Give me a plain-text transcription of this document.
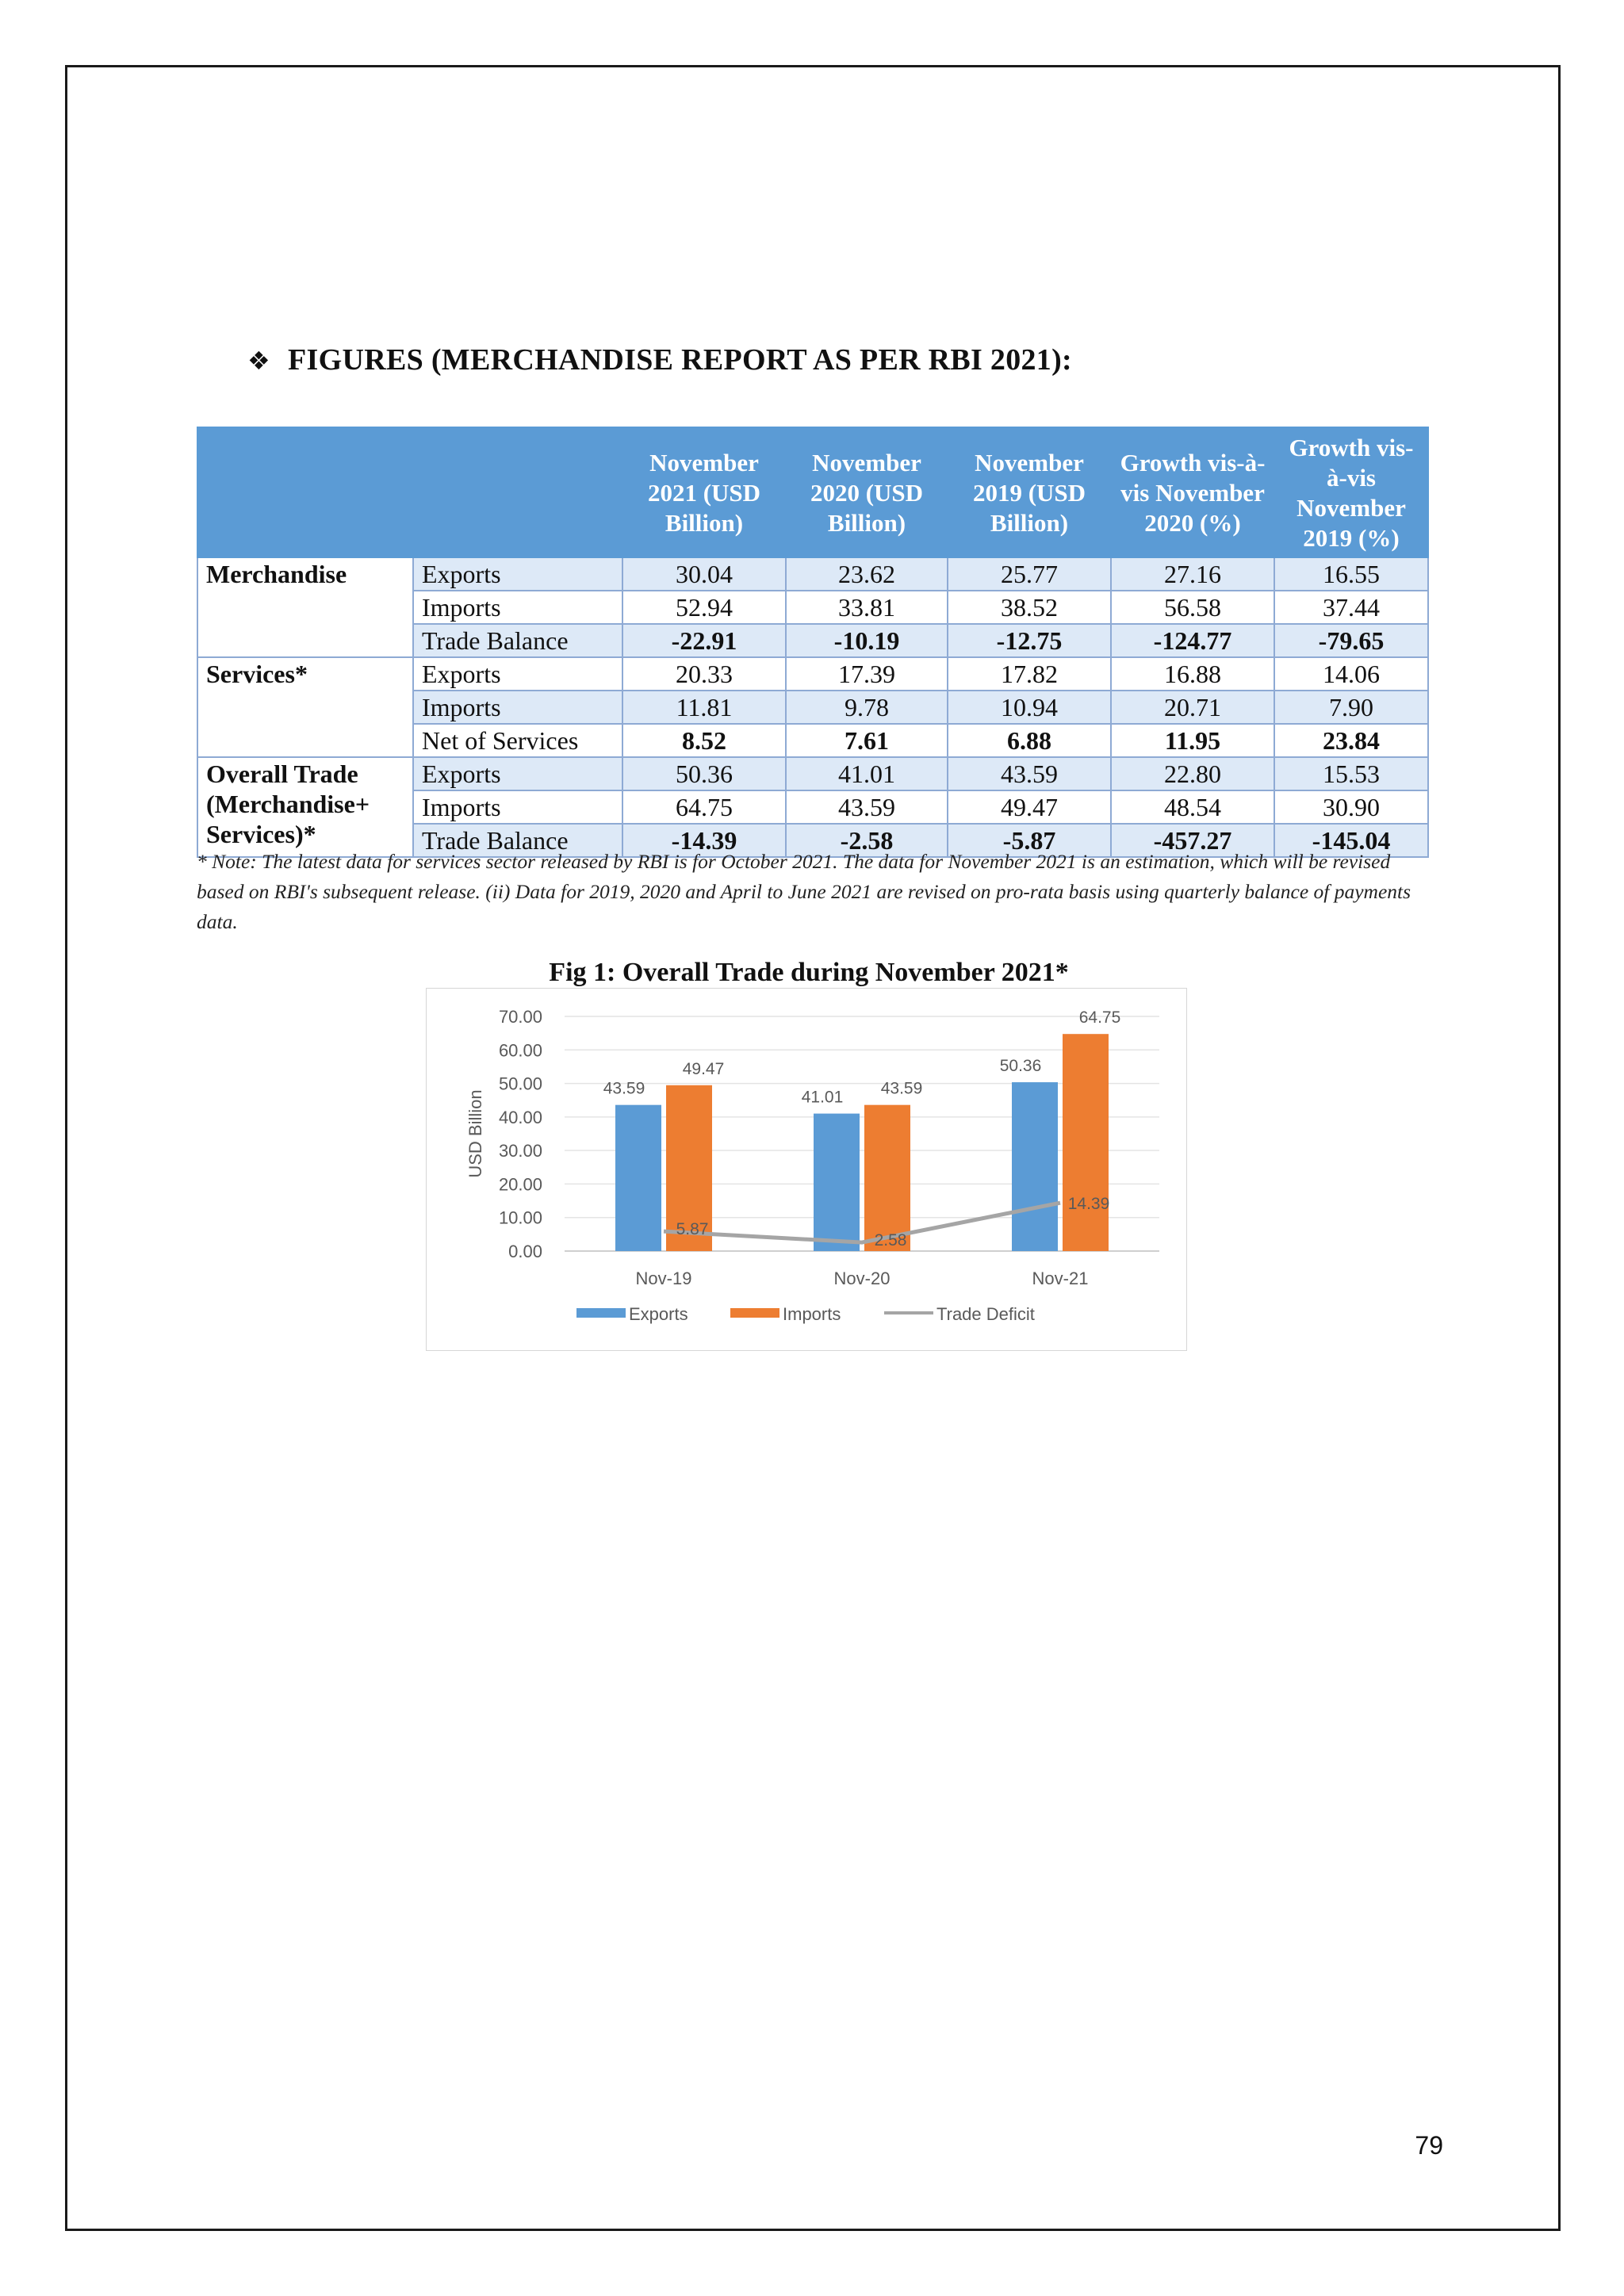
❖ FIGURES (MERCHANDISE REPORT AS PER RBI 2021):
		November 2021 (USD Billion)	November 2020 (USD Billion)	November 2019 (USD Billion)	Growth vis-à-vis November 2020 (%)	Growth vis-à-vis November 2019 (%)
Merchandise	Exports	30.04	23.62	25.77	27.16	16.55
	Imports	52.94	33.81	38.52	56.58	37.44
	Trade Balance	-22.91	-10.19	-12.75	-124.77	-79.65
Services*	Exports	20.33	17.39	17.82	16.88	14.06
	Imports	11.81	9.78	10.94	20.71	7.90
	Net of Services	8.52	7.61	6.88	11.95	23.84
Overall Trade (Merchandise+ Services)*	Exports	50.36	41.01	43.59	22.80	15.53
	Imports	64.75	43.59	49.47	48.54	30.90
	Trade Balance	-14.39	-2.58	-5.87	-457.27	-145.04
* Note: The latest data for services sector released by RBI is for October 2021. The data for November 2021 is an estimation, which will be revised based on RBI's subsequent release. (ii) Data for 2019, 2020 and April to June 2021 are revised on pro-rata basis using quarterly balance of payments data.
Fig 1: Overall Trade during November 2021*
0.00
10.00
20.00
30.00
40.00
50.00
60.00
70.00
USD Billion
Nov-19	Nov-20	Nov-21
43.59	41.01
50.36
49.47
43.59
64.75
5.87
2.58
14.39
Exports	Imports	Trade Deficit
79
